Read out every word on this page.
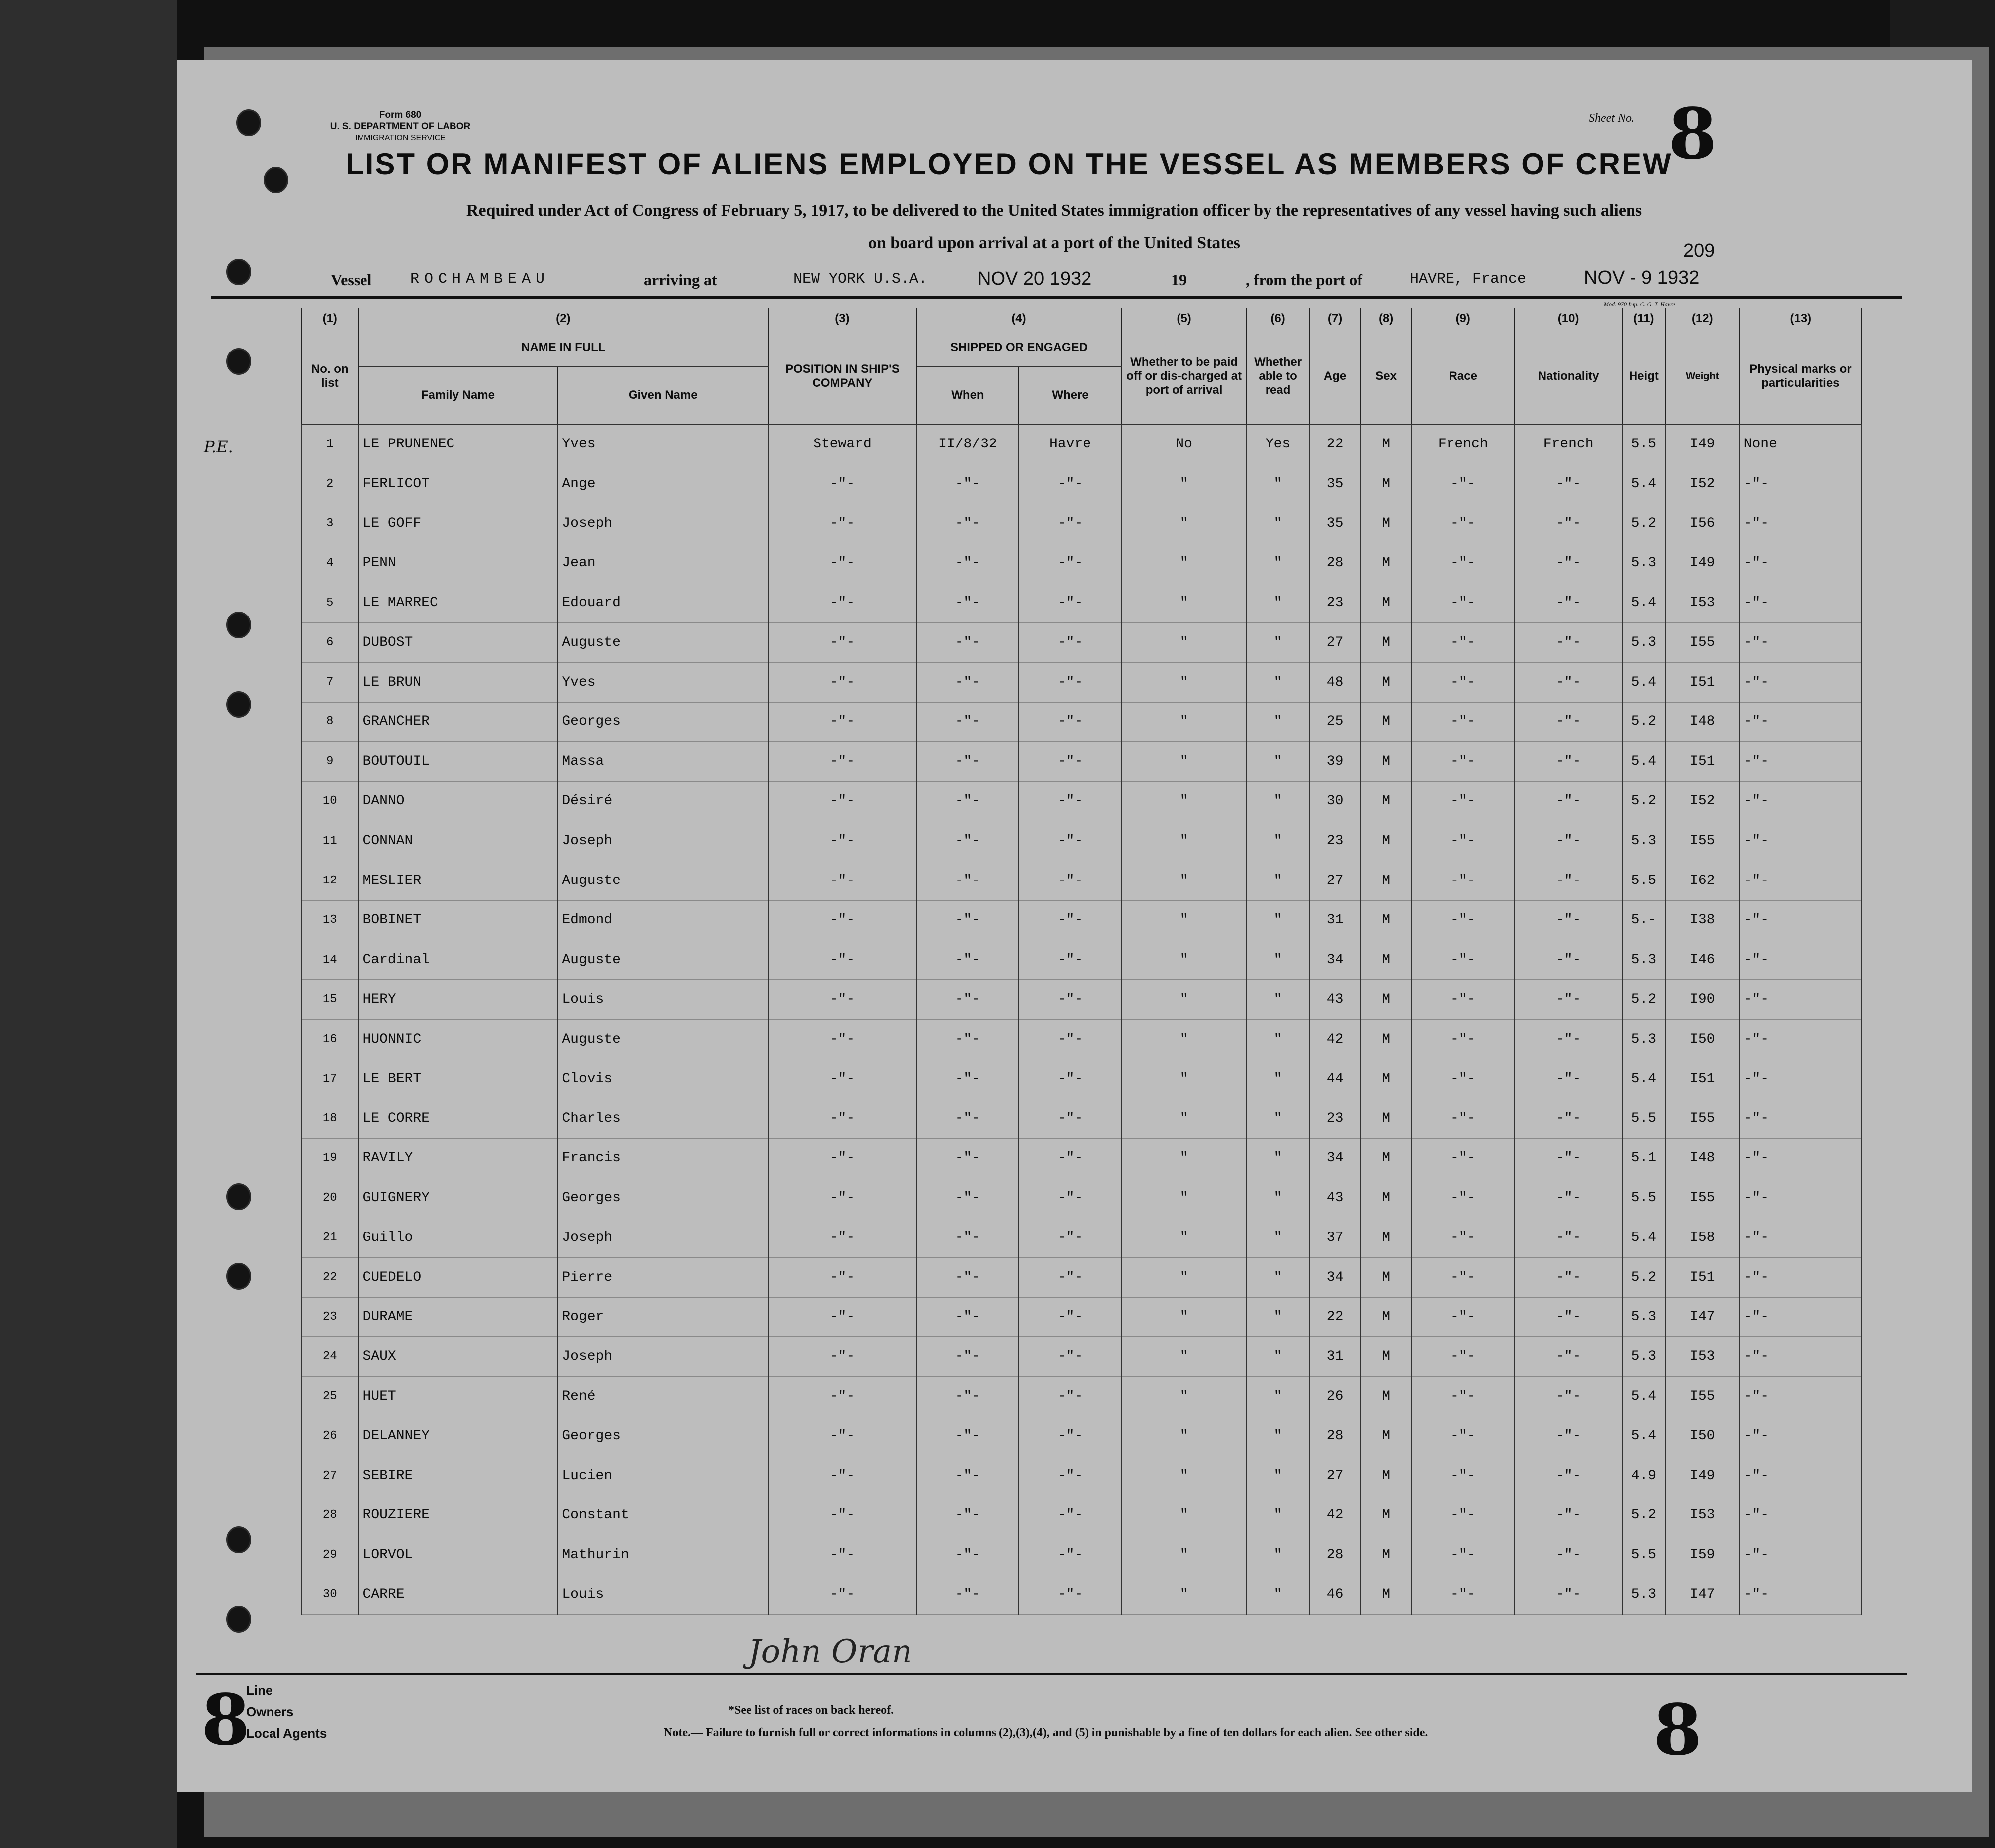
Form 680
U. S. DEPARTMENT OF LABOR
IMMIGRATION SERVICE
Sheet No. 8
LIST OR MANIFEST OF ALIENS EMPLOYED ON THE VESSEL AS MEMBERS OF CREW
Required under Act of Congress of February 5, 1917, to be delivered to the United States immigration officer by the representatives of any vessel having such aliens
on board upon arrival at a port of the United States	209
Vessel	ROCHAMBEAU	arriving at	NEW YORK U.S.A.	NOV 20 1932	19	, from the port of	HAVRE, France	NOV - 9 1932
Mod. 970 Imp. C. G. T. Havre
P.E.
(1)	(2)		(3)	(4)		(5)	(6)	(7)	(8)	(9)	(10)	(11)	(12)	(13)
No. on list	NAME IN FULL		POSITION IN SHIP'S COMPANY	SHIPPED OR ENGAGED		Whether to be paid off or dis-charged at port of arrival	Whether able to read	Age	Sex	Race	Nationality	Heigt	Weight	Physical marks or particularities
	Family Name	Given Name		When	Where									
1	LE PRUNENEC	Yves	Steward	II/8/32	Havre	No	Yes	22	M	French	French	5.5	I49	None
2	FERLICOT	Ange	-"-	-"-	-"-	"	"	35	M	-"-	-"-	5.4	I52	-"-
3	LE GOFF	Joseph	-"-	-"-	-"-	"	"	35	M	-"-	-"-	5.2	I56	-"-
4	PENN	Jean	-"-	-"-	-"-	"	"	28	M	-"-	-"-	5.3	I49	-"-
5	LE MARREC	Edouard	-"-	-"-	-"-	"	"	23	M	-"-	-"-	5.4	I53	-"-
6	DUBOST	Auguste	-"-	-"-	-"-	"	"	27	M	-"-	-"-	5.3	I55	-"-
7	LE BRUN	Yves	-"-	-"-	-"-	"	"	48	M	-"-	-"-	5.4	I51	-"-
8	GRANCHER	Georges	-"-	-"-	-"-	"	"	25	M	-"-	-"-	5.2	I48	-"-
9	BOUTOUIL	Massa	-"-	-"-	-"-	"	"	39	M	-"-	-"-	5.4	I51	-"-
10	DANNO	Désiré	-"-	-"-	-"-	"	"	30	M	-"-	-"-	5.2	I52	-"-
11	CONNAN	Joseph	-"-	-"-	-"-	"	"	23	M	-"-	-"-	5.3	I55	-"-
12	MESLIER	Auguste	-"-	-"-	-"-	"	"	27	M	-"-	-"-	5.5	I62	-"-
13	BOBINET	Edmond	-"-	-"-	-"-	"	"	31	M	-"-	-"-	5.-	I38	-"-
14	Cardinal	Auguste	-"-	-"-	-"-	"	"	34	M	-"-	-"-	5.3	I46	-"-
15	HERY	Louis	-"-	-"-	-"-	"	"	43	M	-"-	-"-	5.2	I90	-"-
16	HUONNIC	Auguste	-"-	-"-	-"-	"	"	42	M	-"-	-"-	5.3	I50	-"-
17	LE BERT	Clovis	-"-	-"-	-"-	"	"	44	M	-"-	-"-	5.4	I51	-"-
18	LE CORRE	Charles	-"-	-"-	-"-	"	"	23	M	-"-	-"-	5.5	I55	-"-
19	RAVILY	Francis	-"-	-"-	-"-	"	"	34	M	-"-	-"-	5.1	I48	-"-
20	GUIGNERY	Georges	-"-	-"-	-"-	"	"	43	M	-"-	-"-	5.5	I55	-"-
21	Guillo	Joseph	-"-	-"-	-"-	"	"	37	M	-"-	-"-	5.4	I58	-"-
22	CUEDELO	Pierre	-"-	-"-	-"-	"	"	34	M	-"-	-"-	5.2	I51	-"-
23	DURAME	Roger	-"-	-"-	-"-	"	"	22	M	-"-	-"-	5.3	I47	-"-
24	SAUX	Joseph	-"-	-"-	-"-	"	"	31	M	-"-	-"-	5.3	I53	-"-
25	HUET	René	-"-	-"-	-"-	"	"	26	M	-"-	-"-	5.4	I55	-"-
26	DELANNEY	Georges	-"-	-"-	-"-	"	"	28	M	-"-	-"-	5.4	I50	-"-
27	SEBIRE	Lucien	-"-	-"-	-"-	"	"	27	M	-"-	-"-	4.9	I49	-"-
28	ROUZIERE	Constant	-"-	-"-	-"-	"	"	42	M	-"-	-"-	5.2	I53	-"-
29	LORVOL	Mathurin	-"-	-"-	-"-	"	"	28	M	-"-	-"-	5.5	I59	-"-
30	CARRE	Louis	-"-	-"-	-"-	"	"	46	M	-"-	-"-	5.3	I47	-"-
John Oran
8
Line
Owners
Local Agents
*See list of races on back hereof.
Note.— Failure to furnish full or correct informations in columns (2),(3),(4), and (5) in punishable by a fine of ten dollars for each alien. See other side.	8
